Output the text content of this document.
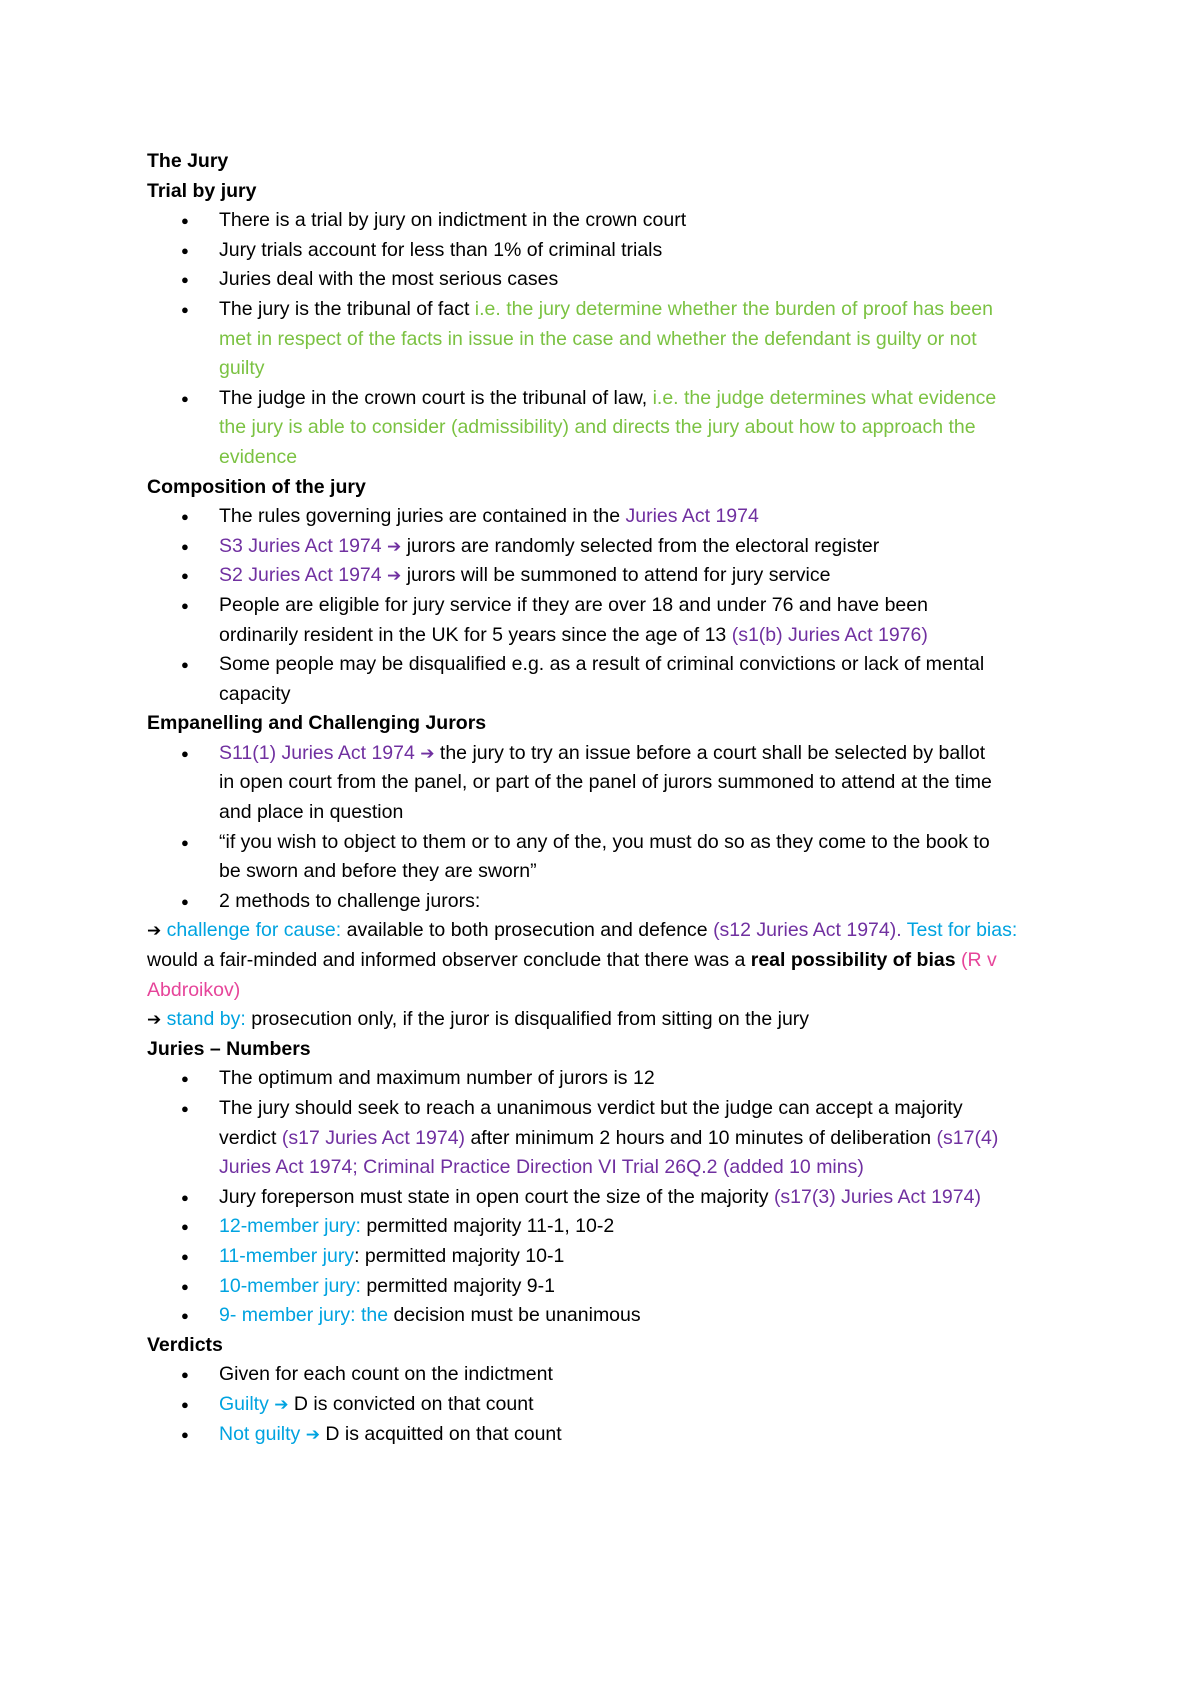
The Jury
Trial by jury
● There is a trial by jury on indictment in the crown court
● Jury trials account for less than 1% of criminal trials
● Juries deal with the most serious cases
● The jury is the tribunal of fact i.e. the jury determine whether the burden of proof has been met in respect of the facts in issue in the case and whether the defendant is guilty or not guilty
● The judge in the crown court is the tribunal of law, i.e. the judge determines what evidence the jury is able to consider (admissibility) and directs the jury about how to approach the evidence
Composition of the jury
● The rules governing juries are contained in the Juries Act 1974
● S3 Juries Act 1974 ➔ jurors are randomly selected from the electoral register
● S2 Juries Act 1974 ➔ jurors will be summoned to attend for jury service
● People are eligible for jury service if they are over 18 and under 76 and have been ordinarily resident in the UK for 5 years since the age of 13 (s1(b) Juries Act 1976)
● Some people may be disqualified e.g. as a result of criminal convictions or lack of mental capacity
Empanelling and Challenging Jurors
● S11(1) Juries Act 1974 ➔ the jury to try an issue before a court shall be selected by ballot in open court from the panel, or part of the panel of jurors summoned to attend at the time and place in question
● “if you wish to object to them or to any of the, you must do so as they come to the book to be sworn and before they are sworn”
● 2 methods to challenge jurors:
➔ challenge for cause: available to both prosecution and defence (s12 Juries Act 1974). Test for bias: would a fair-minded and informed observer conclude that there was a real possibility of bias (R v Abdroikov)
➔ stand by: prosecution only, if the juror is disqualified from sitting on the jury
Juries – Numbers
● The optimum and maximum number of jurors is 12
● The jury should seek to reach a unanimous verdict but the judge can accept a majority verdict (s17 Juries Act 1974) after minimum 2 hours and 10 minutes of deliberation (s17(4) Juries Act 1974; Criminal Practice Direction VI Trial 26Q.2 (added 10 mins)
● Jury foreperson must state in open court the size of the majority (s17(3) Juries Act 1974)
● 12-member jury: permitted majority 11-1, 10-2
● 11-member jury: permitted majority 10-1
● 10-member jury: permitted majority 9-1
● 9- member jury: the decision must be unanimous
Verdicts
● Given for each count on the indictment
● Guilty ➔ D is convicted on that count
● Not guilty ➔ D is acquitted on that count
